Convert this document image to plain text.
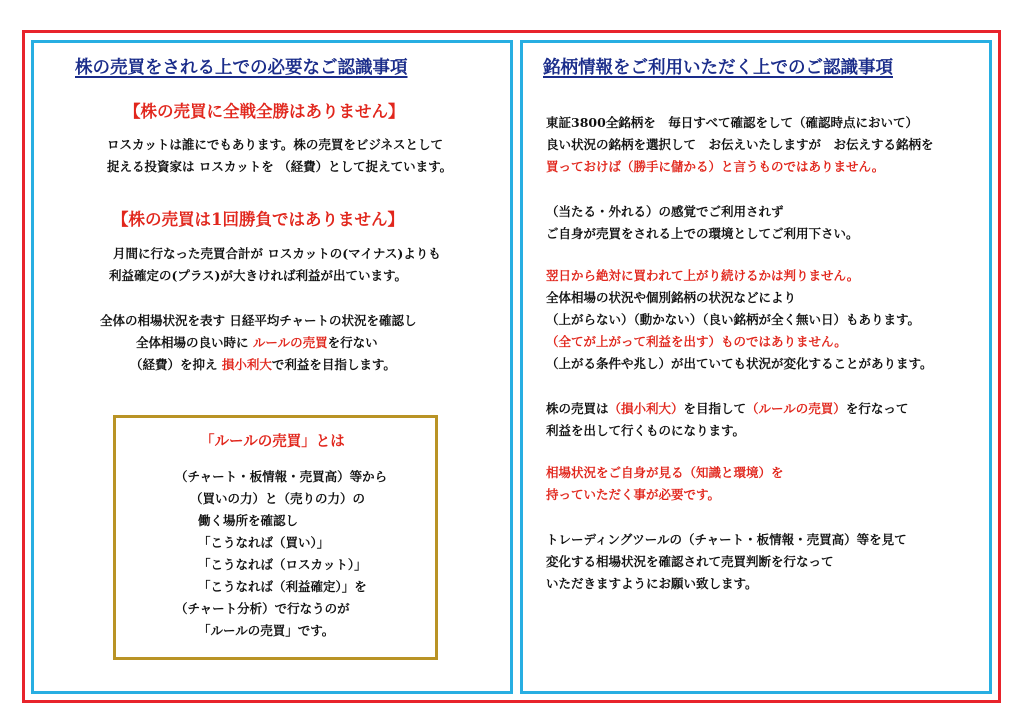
株の売買をされる上での必要なご認識事項
【株の売買に全戦全勝はありません】
ロスカットは誰にでもあります。株の売買をビジネスとして
捉える投資家は ロスカットを （経費）として捉えています。
【株の売買は1回勝負ではありません】
月間に行なった売買合計が ロスカットの(マイナス)よりも
利益確定の(プラス)が大きければ利益が出ています。
全体の相場状況を表す 日経平均チャートの状況を確認し
全体相場の良い時に ルールの売買を行ない
（経費）を抑え 損小利大で利益を目指します。
「ルールの売買」とは
（チャート・板情報・売買高）等から
（買いの力）と（売りの力）の
働く場所を確認し
「こうなれば（買い）」
「こうなれば（ロスカット）」
「こうなれば（利益確定）」を
（チャート分析）で行なうのが
「ルールの売買」です。
銘柄情報をご利用いただく上でのご認識事項
東証3800全銘柄を　毎日すべて確認をして（確認時点において）
良い状況の銘柄を選択して　お伝えいたしますが　お伝えする銘柄を
買っておけば（勝手に儲かる）と言うものではありません。
（当たる・外れる）の感覚でご利用されず
ご自身が売買をされる上での環境としてご利用下さい。
翌日から絶対に買われて上がり続けるかは判りません。
全体相場の状況や個別銘柄の状況などにより
（上がらない）（動かない）（良い銘柄が全く無い日）もあります。
（全てが上がって利益を出す）ものではありません。
（上がる条件や兆し）が出ていても状況が変化することがあります。
株の売買は（損小利大）を目指して（ルールの売買）を行なって
利益を出して行くものになります。
相場状況をご自身が見る（知識と環境）を
持っていただく事が必要です。
トレーディングツールの（チャート・板情報・売買高）等を見て
変化する相場状況を確認されて売買判断を行なって
いただきますようにお願い致します。
